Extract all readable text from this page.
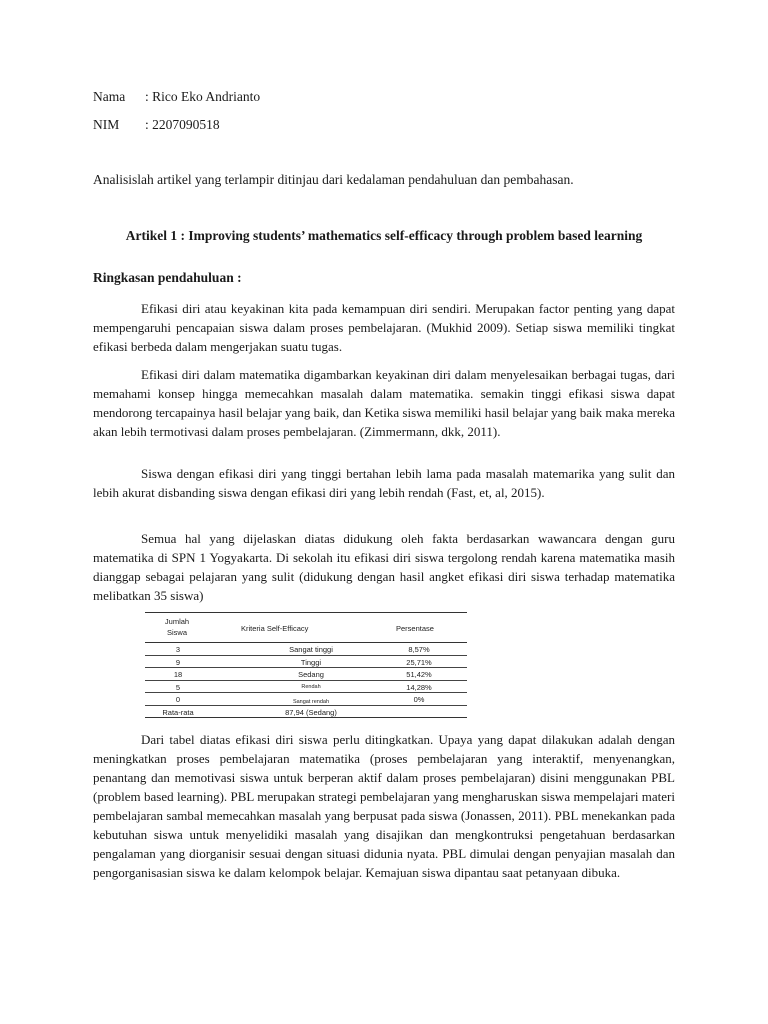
Nama : Rico Eko Andrianto
NIM : 2207090518
Analisislah artikel yang terlampir ditinjau dari kedalaman pendahuluan dan pembahasan.
Artikel 1 : Improving students’ mathematics self-efficacy through problem based learning
Ringkasan pendahuluan :

Efikasi diri atau keyakinan kita pada kemampuan diri sendiri. Merupakan factor penting yang dapat mempengaruhi pencapaian siswa dalam proses pembelajaran. (Mukhid 2009). Setiap siswa memiliki tingkat efikasi berbeda dalam mengerjakan suatu tugas.

Efikasi diri dalam matematika digambarkan keyakinan diri dalam menyelesaikan berbagai tugas, dari memahami konsep hingga memecahkan masalah dalam matematika. semakin tinggi efikasi siswa dapat mendorong tercapainya hasil belajar yang baik, dan Ketika siswa memiliki hasil belajar yang baik maka mereka akan lebih termotivasi dalam proses pembelajaran. (Zimmermann, dkk, 2011).

Siswa dengan efikasi diri yang tinggi bertahan lebih lama pada masalah matemarika yang sulit dan lebih akurat disbanding siswa dengan efikasi diri yang lebih rendah (Fast, et, al, 2015).

Semua hal yang dijelaskan diatas didukung oleh fakta berdasarkan wawancara dengan guru matematika di SPN 1 Yogyakarta. Di sekolah itu efikasi diri siswa tergolong rendah karena matematika masih dianggap sebagai pelajaran yang sulit (didukung dengan hasil angket efikasi diri siswa terhadap matematika melibatkan 35 siswa)

Jumlah Siswa	Kriteria Self-Efficacy	Persentase
3	Sangat tinggi	8,57%
9	Tinggi	25,71%
18	Sedang	51,42%
5	Rendah	14,28%
0	Sangat rendah	0%
Rata-rata	87,94 (Sedang)

Dari tabel diatas efikasi diri siswa perlu ditingkatkan. Upaya yang dapat dilakukan adalah dengan meningkatkan proses pembelajaran matematika (proses pembelajaran yang interaktif, menyenangkan, penantang dan memotivasi siswa untuk berperan aktif dalam proses pembelajaran) disini menggunakan PBL (problem based learning). PBL merupakan strategi pembelajaran yang mengharuskan siswa mempelajari materi pembelajaran sambal memecahkan masalah yang berpusat pada siswa (Jonassen, 2011). PBL menekankan pada kebutuhan siswa untuk menyelidiki masalah yang disajikan dan mengkontruksi pengetahuan berdasarkan pengalaman yang diorganisir sesuai dengan situasi didunia nyata. PBL dimulai dengan penyajian masalah dan pengorganisasian siswa ke dalam kelompok belajar. Kemajuan siswa dipantau saat petanyaan dibuka.
